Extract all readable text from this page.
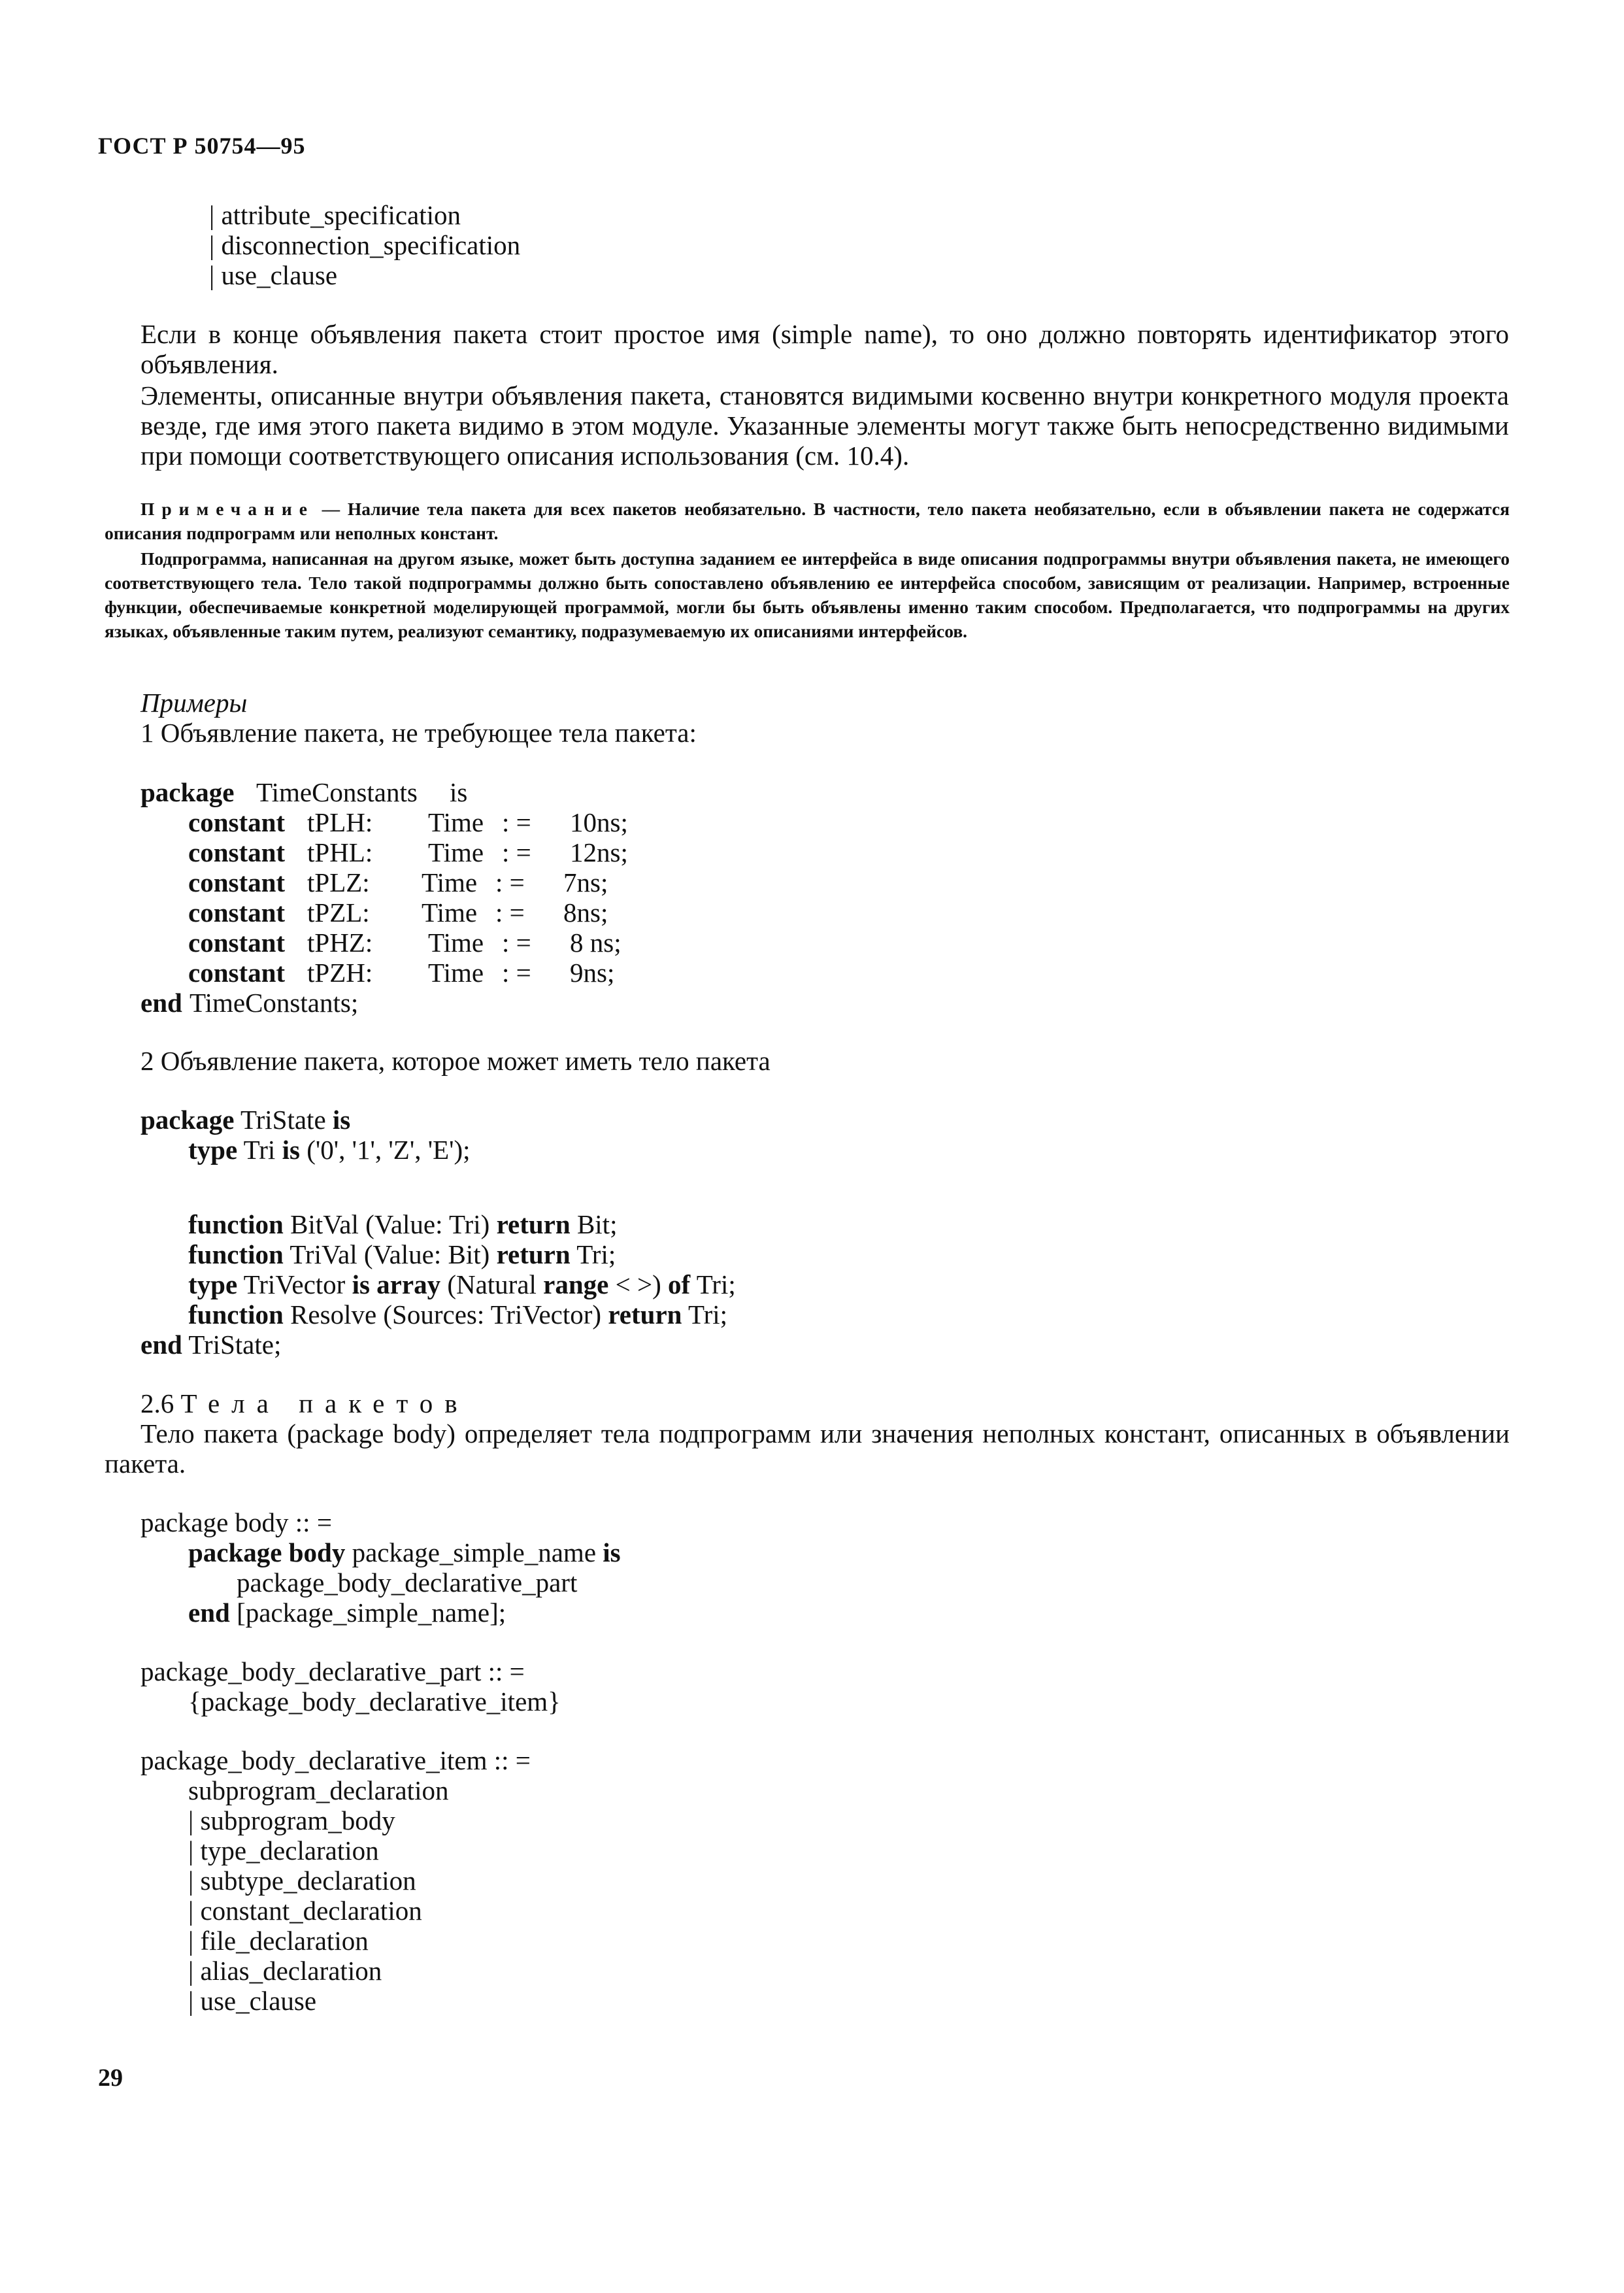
ГОСТ Р 50754—95
| attribute_specification
| disconnection_specification
| use_clause
Если в конце объявления пакета стоит простое имя (simple name), то оно должно повторять идентификатор этого объявления.
Элементы, описанные внутри объявления пакета, становятся видимыми косвенно внутри конкретного модуля проекта везде, где имя этого пакета видимо в этом модуле. Указанные элементы могут также быть непосредственно видимыми при помощи соответствующего описания использования (см. 10.4).
Примечание — Наличие тела пакета для всех пакетов необязательно. В частности, тело пакета необязательно, если в объявлении пакета не содержатся описания подпрограмм или неполных констант.
Подпрограмма, написанная на другом языке, может быть доступна заданием ее интерфейса в виде описания подпрограммы внутри объявления пакета, не имеющего соответствующего тела. Тело такой подпрограммы должно быть сопоставлено объявлению ее интерфейса способом, зависящим от реализации. Например, встроенные функции, обеспечиваемые конкретной моделирующей программой, могли бы быть объявлены именно таким способом. Предполагается, что подпрограммы на других языках, объявленные таким путем, реализуют семантику, подразумеваемую их описаниями интерфейсов.
Примеры
1 Объявление пакета, не требующее тела пакета:
package TimeConstants is
constant tPLH: Time : = 10ns;
constant tPHL: Time : = 12ns;
constant tPLZ: Time : = 7ns;
constant tPZL: Time : = 8ns;
constant tPHZ: Time : = 8 ns;
constant tPZH: Time : = 9ns;
end TimeConstants;
2 Объявление пакета, которое может иметь тело пакета
package TriState is
type Tri is ('0', '1', 'Z', 'E');
function BitVal (Value: Tri) return Bit;
function TriVal (Value: Bit) return Tri;
type TriVector is array (Natural range < >) of Tri;
function Resolve (Sources: TriVector) return Tri;
end TriState;
2.6 Тела пакетов
Тело пакета (package body) определяет тела подпрограмм или значения неполных констант, описанных в объявлении пакета.
package body :: =
package body package_simple_name is
package_body_declarative_part
end [package_simple_name];
package_body_declarative_part :: =
{package_body_declarative_item}
package_body_declarative_item :: =
subprogram_declaration
| subprogram_body
| type_declaration
| subtype_declaration
| constant_declaration
| file_declaration
| alias_declaration
| use_clause
29
